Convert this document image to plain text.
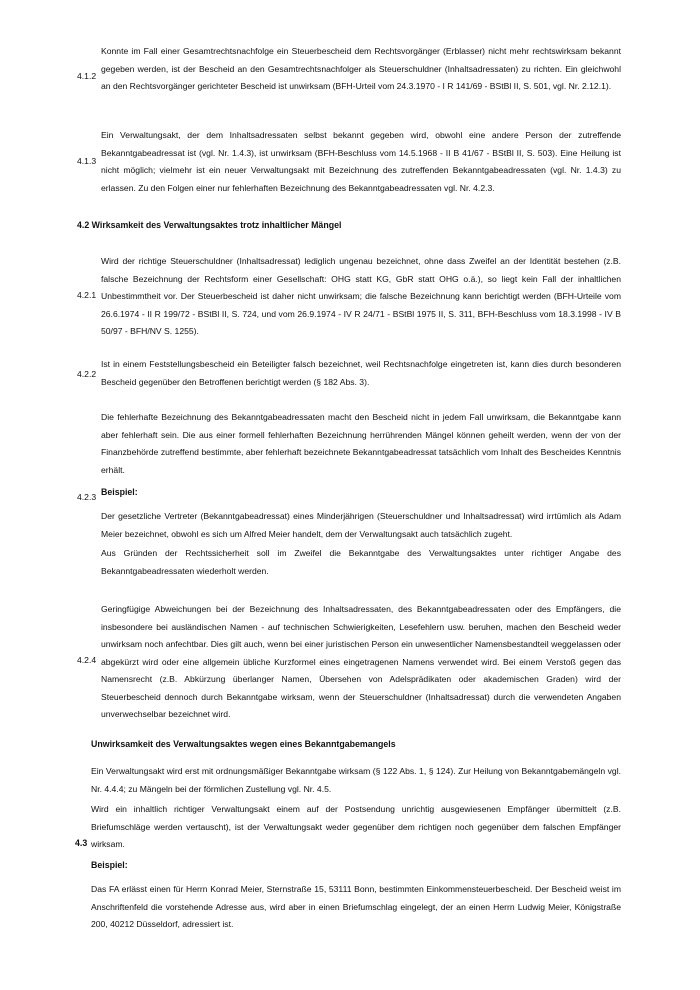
4.1.2
Konnte im Fall einer Gesamtrechtsnachfolge ein Steuerbescheid dem Rechtsvorgänger (Erblasser) nicht mehr rechtswirksam bekannt gegeben werden, ist der Bescheid an den Gesamtrechtsnachfolger als Steuerschuldner (Inhaltsadressaten) zu richten. Ein gleichwohl an den Rechtsvorgänger gerichteter Bescheid ist unwirksam (BFH-Urteil vom 24.3.1970 - I R 141/69 - BStBl II, S. 501, vgl. Nr. 2.12.1).
4.1.3
Ein Verwaltungsakt, der dem Inhaltsadressaten selbst bekannt gegeben wird, obwohl eine andere Person der zutreffende Bekanntgabeadressat ist (vgl. Nr. 1.4.3), ist unwirksam (BFH-Beschluss vom 14.5.1968 - II B 41/67 - BStBl II, S. 503). Eine Heilung ist nicht möglich; vielmehr ist ein neuer Verwaltungsakt mit Bezeichnung des zutreffenden Bekanntgabeadressaten (vgl. Nr. 1.4.3) zu erlassen. Zu den Folgen einer nur fehlerhaften Bezeichnung des Bekanntgabeadressaten vgl. Nr. 4.2.3.
4.2 Wirksamkeit des Verwaltungsaktes trotz inhaltlicher Mängel
4.2.1
Wird der richtige Steuerschuldner (Inhaltsadressat) lediglich ungenau bezeichnet, ohne dass Zweifel an der Identität bestehen (z.B. falsche Bezeichnung der Rechtsform einer Gesellschaft: OHG statt KG, GbR statt OHG o.ä.), so liegt kein Fall der inhaltlichen Unbestimmtheit vor. Der Steuerbescheid ist daher nicht unwirksam; die falsche Bezeichnung kann berichtigt werden (BFH-Urteile vom 26.6.1974 - II R 199/72 - BStBl II, S. 724, und vom 26.9.1974 - IV R 24/71 - BStBl 1975 II, S. 311, BFH-Beschluss vom 18.3.1998 - IV B 50/97 - BFH/NV S. 1255).
4.2.2
Ist in einem Feststellungsbescheid ein Beteiligter falsch bezeichnet, weil Rechtsnachfolge eingetreten ist, kann dies durch besonderen Bescheid gegenüber den Betroffenen berichtigt werden (§ 182 Abs. 3).
4.2.3
Die fehlerhafte Bezeichnung des Bekanntgabeadressaten macht den Bescheid nicht in jedem Fall unwirksam, die Bekanntgabe kann aber fehlerhaft sein. Die aus einer formell fehlerhaften Bezeichnung herrührenden Mängel können geheilt werden, wenn der von der Finanzbehörde zutreffend bestimmte, aber fehlerhaft bezeichnete Bekanntgabeadressat tatsächlich vom Inhalt des Bescheides Kenntnis erhält.
Beispiel:
Der gesetzliche Vertreter (Bekanntgabeadressat) eines Minderjährigen (Steuerschuldner und Inhaltsadressat) wird irrtümlich als Adam Meier bezeichnet, obwohl es sich um Alfred Meier handelt, dem der Verwaltungsakt auch tatsächlich zugeht.
Aus Gründen der Rechtssicherheit soll im Zweifel die Bekanntgabe des Verwaltungsaktes unter richtiger Angabe des Bekanntgabeadressaten wiederholt werden.
4.2.4
Geringfügige Abweichungen bei der Bezeichnung des Inhaltsadressaten, des Bekanntgabeadressaten oder des Empfängers, die insbesondere bei ausländischen Namen - auf technischen Schwierigkeiten, Lesefehlern usw. beruhen, machen den Bescheid weder unwirksam noch anfechtbar. Dies gilt auch, wenn bei einer juristischen Person ein unwesentlicher Namensbestandteil weggelassen oder abgekürzt wird oder eine allgemein übliche Kurzformel eines eingetragenen Namens verwendet wird. Bei einem Verstoß gegen das Namensrecht (z.B. Abkürzung überlanger Namen, Übersehen von Adelsprädikaten oder akademischen Graden) wird der Steuerbescheid dennoch durch Bekanntgabe wirksam, wenn der Steuerschuldner (Inhaltsadressat) durch die verwendeten Angaben unverwechselbar bezeichnet wird.
Unwirksamkeit des Verwaltungsaktes wegen eines Bekanntgabemangels
4.3
Ein Verwaltungsakt wird erst mit ordnungsmäßiger Bekanntgabe wirksam (§ 122 Abs. 1, § 124). Zur Heilung von Bekanntgabemängeln vgl. Nr. 4.4.4; zu Mängeln bei der förmlichen Zustellung vgl. Nr. 4.5.
Wird ein inhaltlich richtiger Verwaltungsakt einem auf der Postsendung unrichtig ausgewiesenen Empfänger übermittelt (z.B. Briefumschläge werden vertauscht), ist der Verwaltungsakt weder gegenüber dem richtigen noch gegenüber dem falschen Empfänger wirksam.
Beispiel:
Das FA erlässt einen für Herrn Konrad Meier, Sternstraße 15, 53111 Bonn, bestimmten Einkommensteuerbescheid. Der Bescheid weist im Anschriftenfeld die vorstehende Adresse aus, wird aber in einen Briefumschlag eingelegt, der an einen Herrn Ludwig Meier, Königstraße 200, 40212 Düsseldorf, adressiert ist.
